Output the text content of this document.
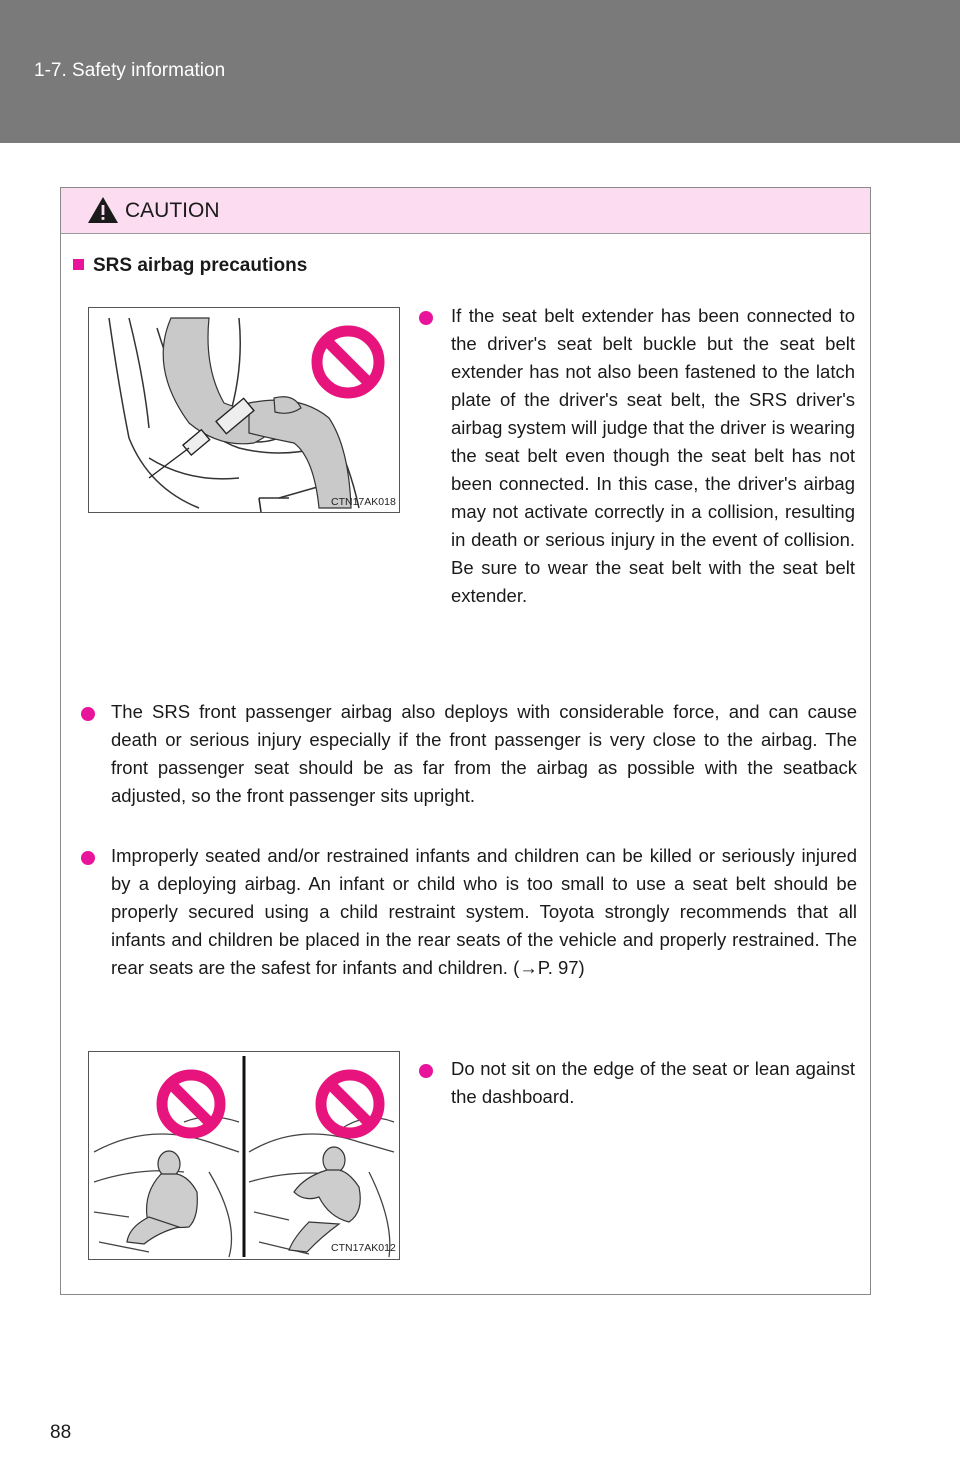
1-7. Safety information
CAUTION
SRS airbag precautions
CTN17AK018
If the seat belt extender has been connected to the driver's seat belt buckle but the seat belt extender has not also been fastened to the latch plate of the driver's seat belt, the SRS driver's airbag system will judge that the driver is wearing the seat belt even though the seat belt has not been connected. In this case, the driver's airbag may not activate correctly in a collision, resulting in death or serious injury in the event of collision. Be sure to wear the seat belt with the seat belt extender.
The SRS front passenger airbag also deploys with considerable force, and can cause death or serious injury especially if the front passenger is very close to the airbag. The front passenger seat should be as far from the airbag as possible with the seatback adjusted, so the front passenger sits upright.
Improperly seated and/or restrained infants and children can be killed or seriously injured by a deploying airbag. An infant or child who is too small to use a seat belt should be properly secured using a child restraint system. Toyota strongly recommends that all infants and children be placed in the rear seats of the vehicle and properly restrained. The rear seats are the safest for infants and children. (→P. 97)
CTN17AK012
Do not sit on the edge of the seat or lean against the dashboard.
88
